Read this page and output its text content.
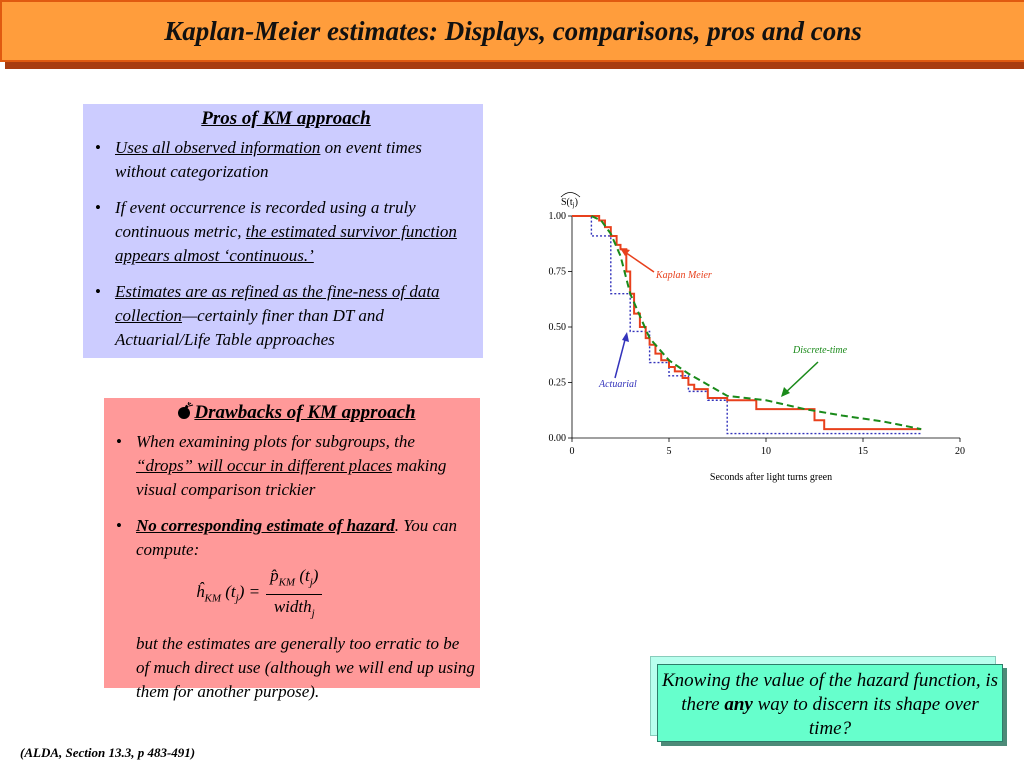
Kaplan-Meier estimates: Displays, comparisons, pros and cons
Pros of KM approach
• Uses all observed information on event times without categorization
• If event occurrence is recorded using a truly continuous metric, the estimated survivor function appears almost ‘continuous.’
• Estimates are as refined as the fine-ness of data collection—certainly finer than DT and Actuarial/Life Table approaches
Drawbacks of KM approach
• When examining plots for subgroups, the “drops” will occur in different places making visual comparison trickier
• No corresponding estimate of hazard. You can compute:
$ĥ_{KM}$ $(t_j) = \frac{p̂_{KM} (t_j)}{width_j}$
but the estimates are generally too erratic to be of much direct use (although we will end up using them for another purpose).
0.00
0.25
0.50
0.75
1.00
0	5	10	15	20
$S(t_j)$
Seconds after light turns green
Kaplan Meier
Discrete-time
Actuarial
Knowing the value of the hazard function, is there any way to discern its shape over time?
(ALDA, Section 13.3, p 483-491)
